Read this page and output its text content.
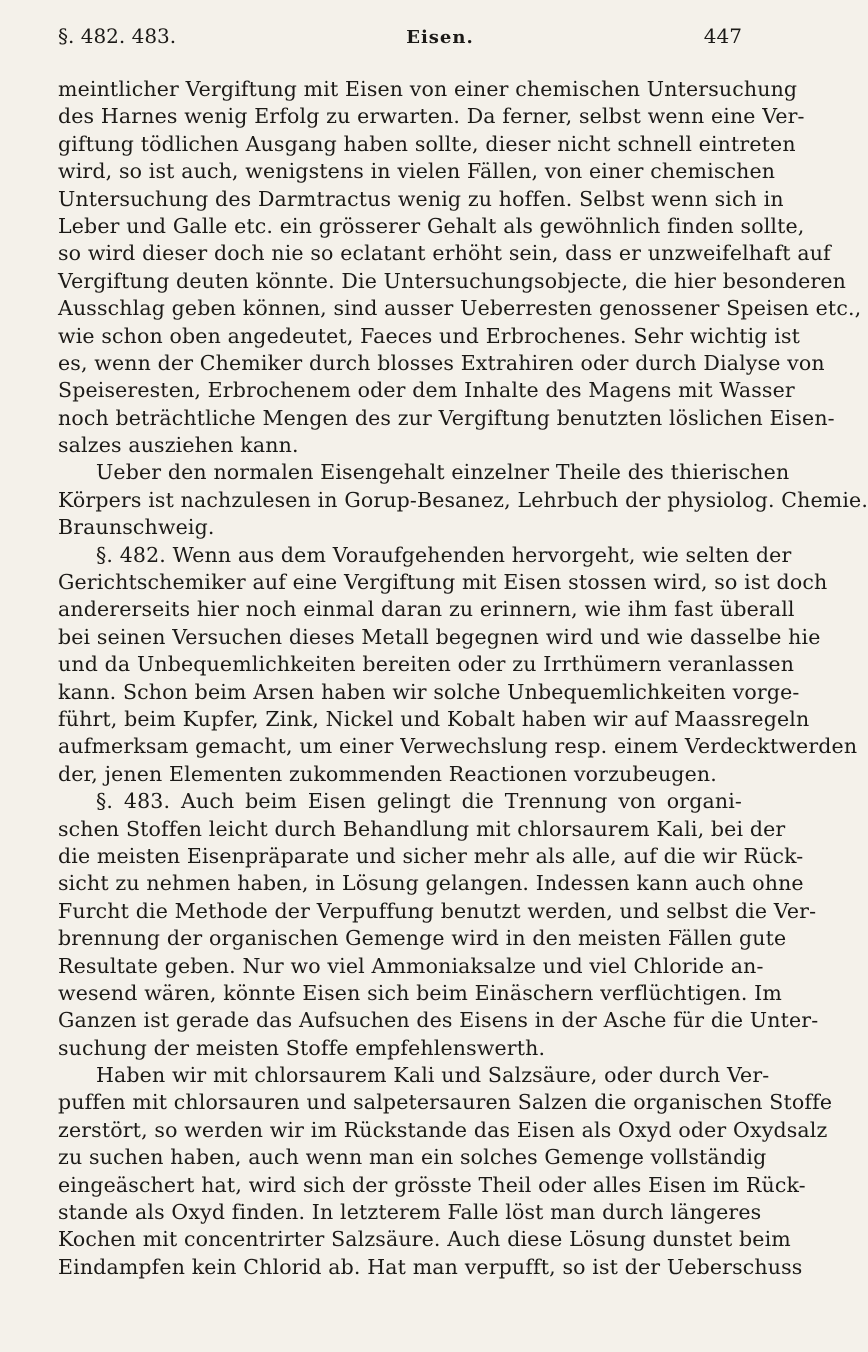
§. 482. 483.	Eisen.	447
meintlicher Vergiftung mit Eisen von einer chemischen Untersuchung
des Harnes wenig Erfolg zu erwarten. Da ferner, selbst wenn eine Ver-
giftung tödlichen Ausgang haben sollte, dieser nicht schnell eintreten
wird, so ist auch, wenigstens in vielen Fällen, von einer chemischen
Untersuchung des Darmtractus wenig zu hoffen. Selbst wenn sich in
Leber und Galle etc. ein grösserer Gehalt als gewöhnlich finden sollte,
so wird dieser doch nie so eclatant erhöht sein, dass er unzweifelhaft auf
Vergiftung deuten könnte. Die Untersuchungsobjecte, die hier besonderen
Ausschlag geben können, sind ausser Ueberresten genossener Speisen etc.,
wie schon oben angedeutet, Faeces und Erbrochenes. Sehr wichtig ist
es, wenn der Chemiker durch blosses Extrahiren oder durch Dialyse von
Speiseresten, Erbrochenem oder dem Inhalte des Magens mit Wasser
noch beträchtliche Mengen des zur Vergiftung benutzten löslichen Eisen-
salzes ausziehen kann.
Ueber den normalen Eisengehalt einzelner Theile des thierischen
Körpers ist nachzulesen in Gorup-Besanez, Lehrbuch der physiolog. Chemie.
Braunschweig.
§. 482. Wenn aus dem Voraufgehenden hervorgeht, wie selten der
Gerichtschemiker auf eine Vergiftung mit Eisen stossen wird, so ist doch
andererseits hier noch einmal daran zu erinnern, wie ihm fast überall
bei seinen Versuchen dieses Metall begegnen wird und wie dasselbe hie
und da Unbequemlichkeiten bereiten oder zu Irrthümern veranlassen
kann. Schon beim Arsen haben wir solche Unbequemlichkeiten vorge-
führt, beim Kupfer, Zink, Nickel und Kobalt haben wir auf Maassregeln
aufmerksam gemacht, um einer Verwechslung resp. einem Verdecktwerden
der, jenen Elementen zukommenden Reactionen vorzubeugen.
§. 483. Auch beim Eisen gelingt die Trennung von organi-
schen Stoffen leicht durch Behandlung mit chlorsaurem Kali, bei der
die meisten Eisenpräparate und sicher mehr als alle, auf die wir Rück-
sicht zu nehmen haben, in Lösung gelangen. Indessen kann auch ohne
Furcht die Methode der Verpuffung benutzt werden, und selbst die Ver-
brennung der organischen Gemenge wird in den meisten Fällen gute
Resultate geben. Nur wo viel Ammoniaksalze und viel Chloride an-
wesend wären, könnte Eisen sich beim Einäschern verflüchtigen. Im
Ganzen ist gerade das Aufsuchen des Eisens in der Asche für die Unter-
suchung der meisten Stoffe empfehlenswerth.
Haben wir mit chlorsaurem Kali und Salzsäure, oder durch Ver-
puffen mit chlorsauren und salpetersauren Salzen die organischen Stoffe
zerstört, so werden wir im Rückstande das Eisen als Oxyd oder Oxydsalz
zu suchen haben, auch wenn man ein solches Gemenge vollständig
eingeäschert hat, wird sich der grösste Theil oder alles Eisen im Rück-
stande als Oxyd finden. In letzterem Falle löst man durch längeres
Kochen mit concentrirter Salzsäure. Auch diese Lösung dunstet beim
Eindampfen kein Chlorid ab. Hat man verpufft, so ist der Ueberschuss
